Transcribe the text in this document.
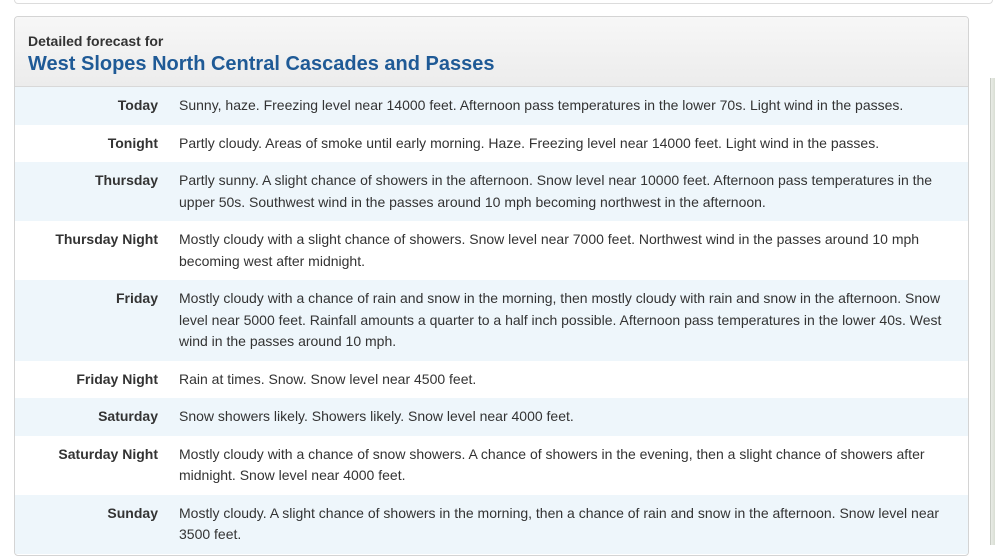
Detailed forecast for
West Slopes North Central Cascades and Passes
Today	Sunny, haze. Freezing level near 14000 feet. Afternoon pass temperatures in the lower 70s. Light wind in the passes.
Tonight	Partly cloudy. Areas of smoke until early morning. Haze. Freezing level near 14000 feet. Light wind in the passes.
Thursday	Partly sunny. A slight chance of showers in the afternoon. Snow level near 10000 feet. Afternoon pass temperatures in the upper 50s. Southwest wind in the passes around 10 mph becoming northwest in the afternoon.
Thursday Night	Mostly cloudy with a slight chance of showers. Snow level near 7000 feet. Northwest wind in the passes around 10 mph becoming west after midnight.
Friday	Mostly cloudy with a chance of rain and snow in the morning, then mostly cloudy with rain and snow in the afternoon. Snow level near 5000 feet. Rainfall amounts a quarter to a half inch possible. Afternoon pass temperatures in the lower 40s. West wind in the passes around 10 mph.
Friday Night	Rain at times. Snow. Snow level near 4500 feet.
Saturday	Snow showers likely. Showers likely. Snow level near 4000 feet.
Saturday Night	Mostly cloudy with a chance of snow showers. A chance of showers in the evening, then a slight chance of showers after midnight. Snow level near 4000 feet.
Sunday	Mostly cloudy. A slight chance of showers in the morning, then a chance of rain and snow in the afternoon. Snow level near 3500 feet.
